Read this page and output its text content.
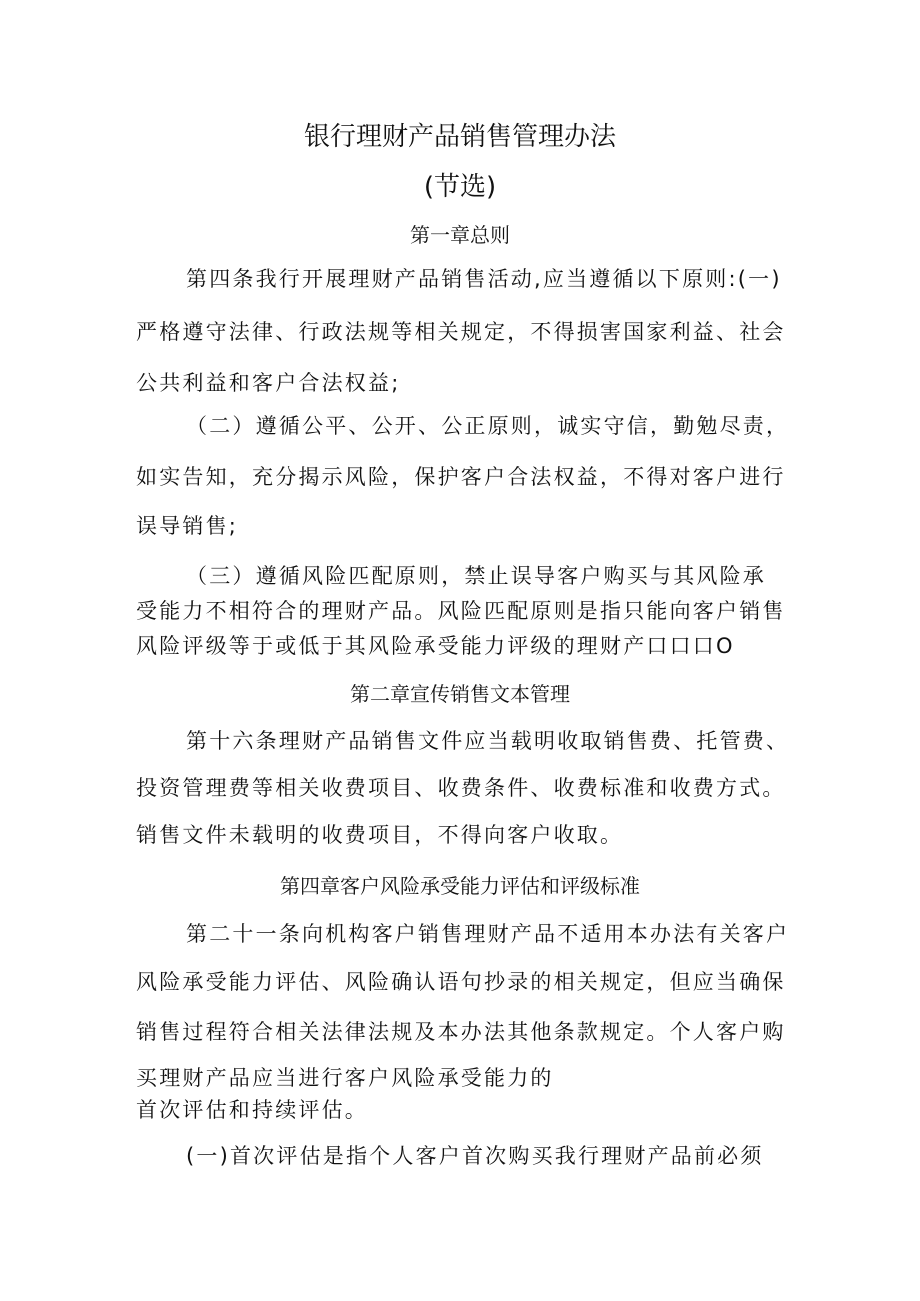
银行理财产品销售管理办法
(节选)
第一章总则
第四条我行开展理财产品销售活动,应当遵循以下原则:(一)
严格遵守法律、行政法规等相关规定，不得损害国家利益、社会
公共利益和客户合法权益;
（二）遵循公平、公开、公正原则，诚实守信，勤勉尽责，
如实告知，充分揭示风险，保护客户合法权益，不得对客户进行
误导销售;
（三）遵循风险匹配原则，禁止误导客户购买与其风险承
受能力不相符合的理财产品。风险匹配原则是指只能向客户销售
风险评级等于或低于其风险承受能力评级的理财产口口口O
第二章宣传销售文本管理
第十六条理财产品销售文件应当载明收取销售费、托管费、
投资管理费等相关收费项目、收费条件、收费标准和收费方式。
销售文件未载明的收费项目，不得向客户收取。
第四章客户风险承受能力评估和评级标准
第二十一条向机构客户销售理财产品不适用本办法有关客户
风险承受能力评估、风险确认语句抄录的相关规定，但应当确保
销售过程符合相关法律法规及本办法其他条款规定。个人客户购
买理财产品应当进行客户风险承受能力的
首次评估和持续评估。
(一)首次评估是指个人客户首次购买我行理财产品前必须
